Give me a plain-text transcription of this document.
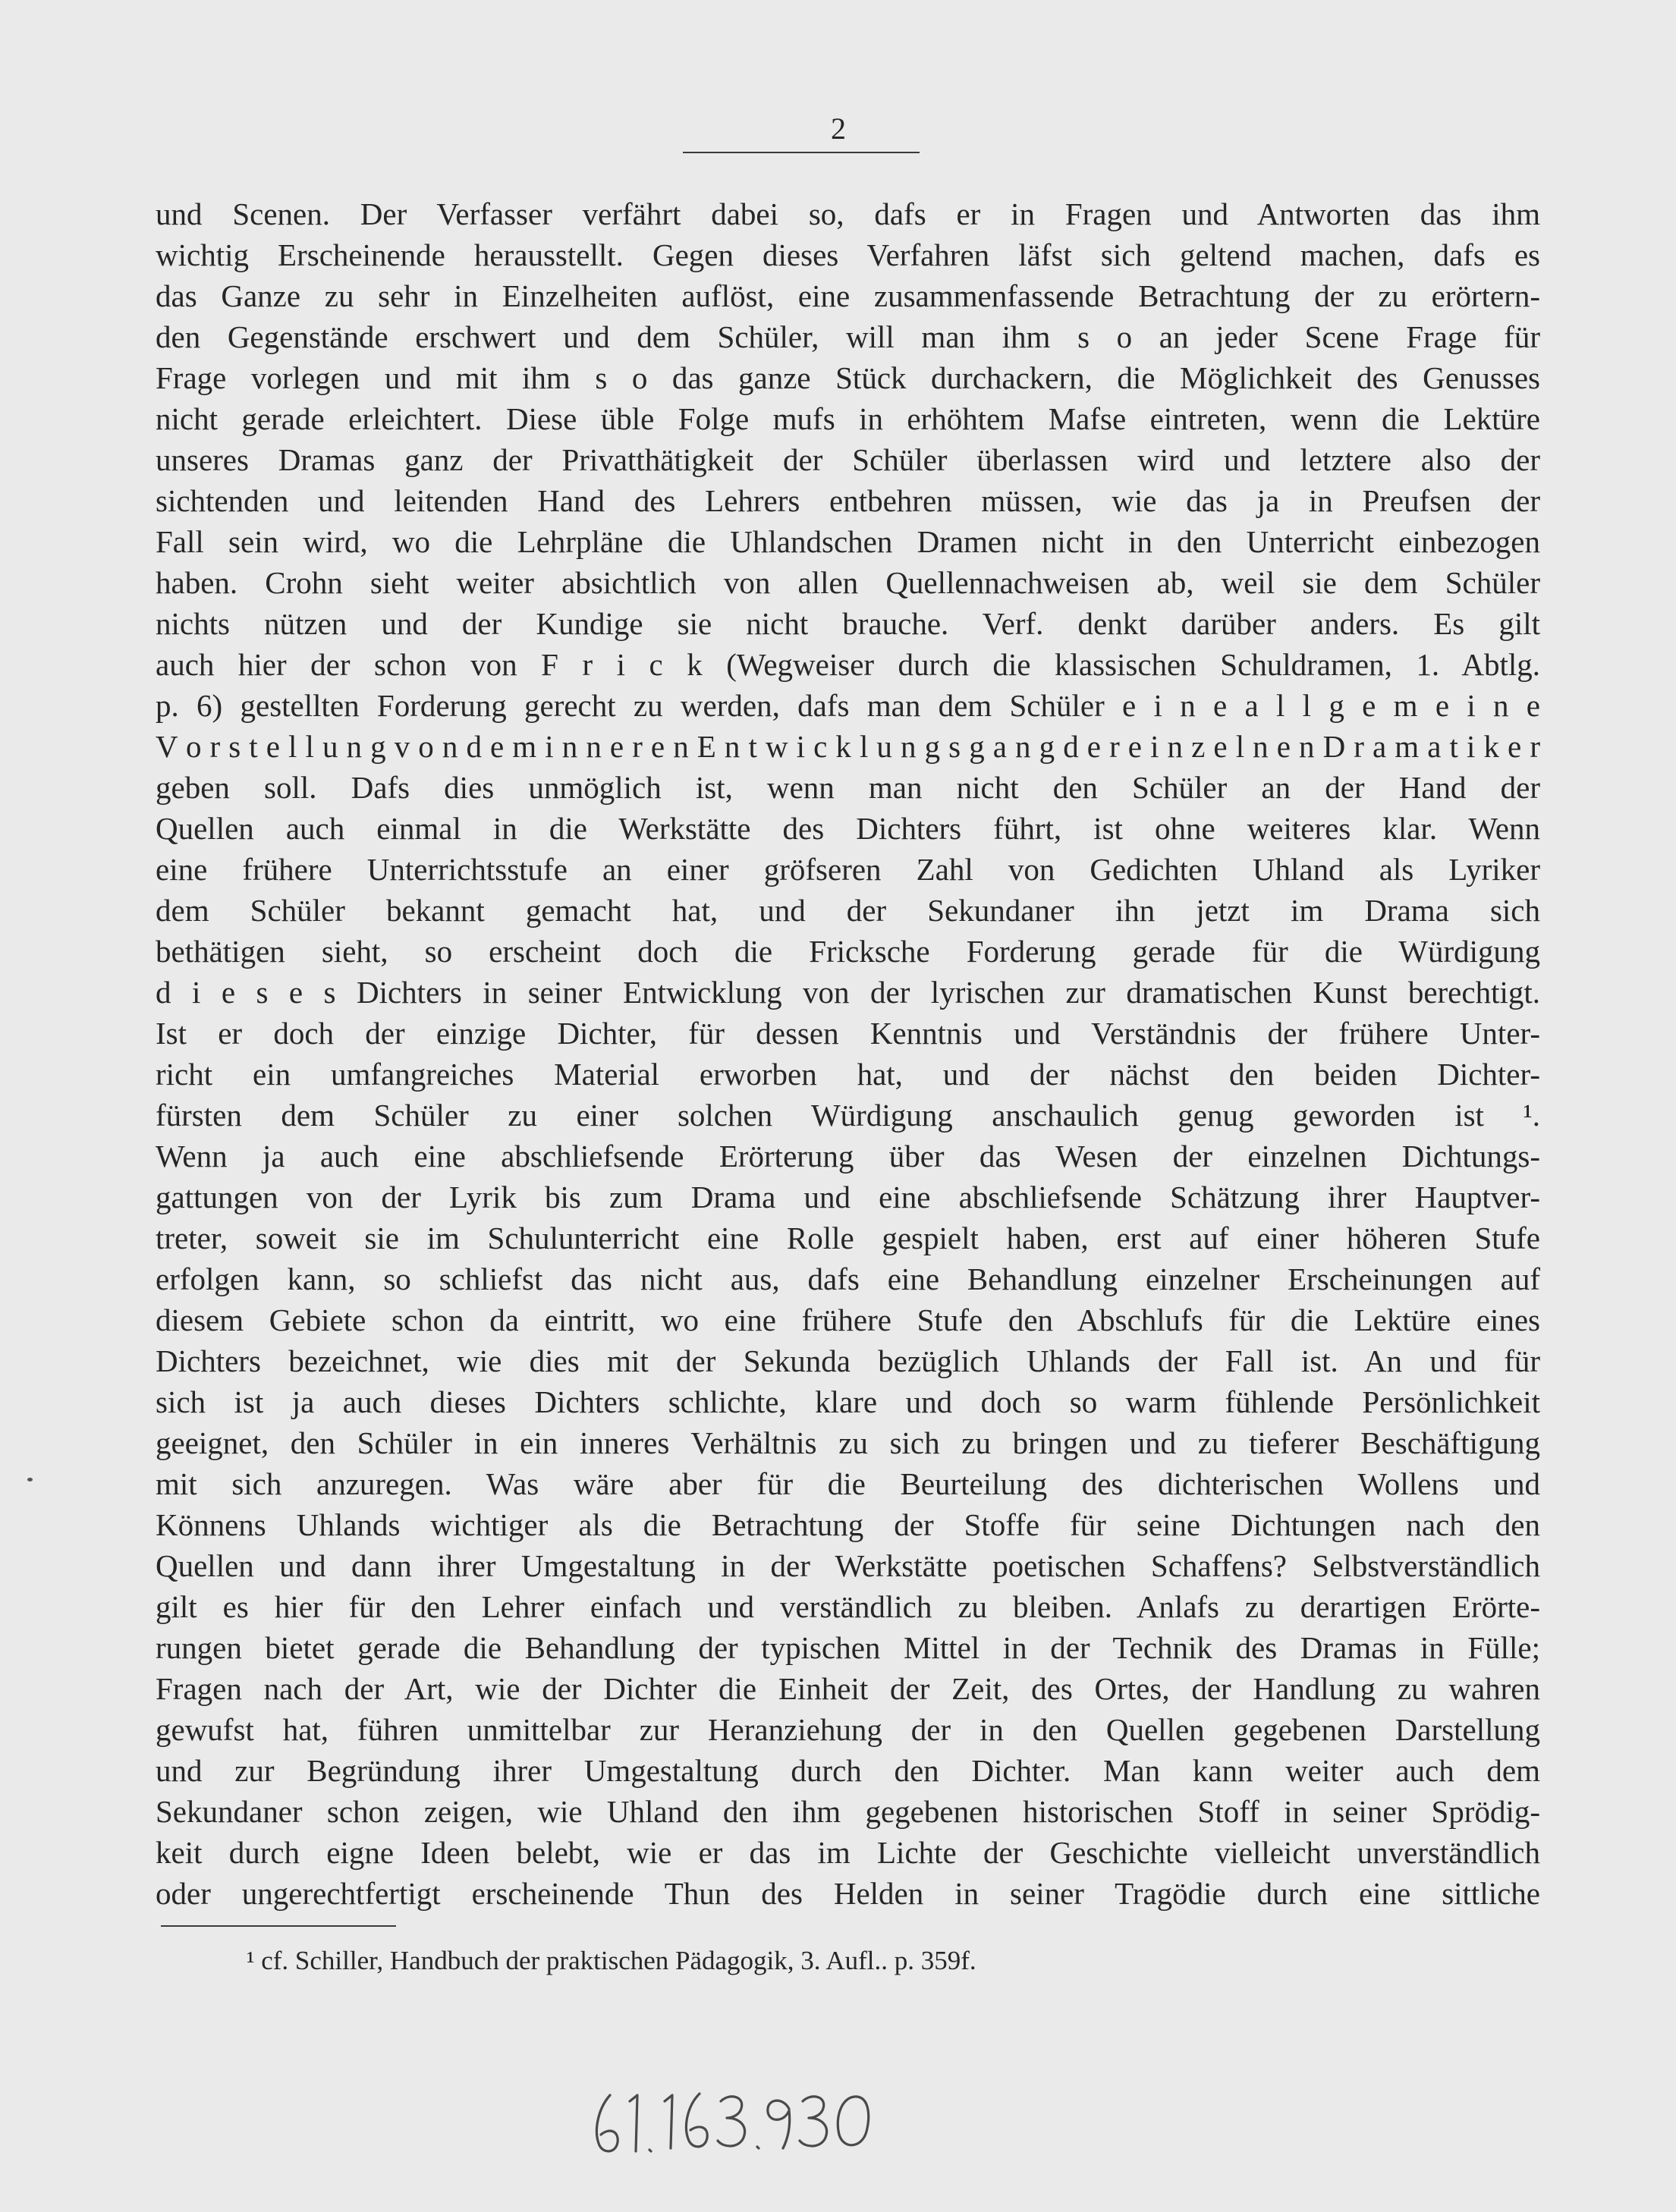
2
und Scenen. Der Verfasser verfährt dabei so, dafs er in Fragen und Antworten das ihm
wichtig Erscheinende herausstellt. Gegen dieses Verfahren läfst sich geltend machen, dafs es
das Ganze zu sehr in Einzelheiten auflöst, eine zusammenfassende Betrachtung der zu erörtern-
den Gegenstände erschwert und dem Schüler, will man ihm s o an jeder Scene Frage für
Frage vorlegen und mit ihm s o das ganze Stück durchackern, die Möglichkeit des Genusses
nicht gerade erleichtert. Diese üble Folge mufs in erhöhtem Mafse eintreten, wenn die Lektüre
unseres Dramas ganz der Privatthätigkeit der Schüler überlassen wird und letztere also der
sichtenden und leitenden Hand des Lehrers entbehren müssen, wie das ja in Preufsen der
Fall sein wird, wo die Lehrpläne die Uhlandschen Dramen nicht in den Unterricht einbezogen
haben. Crohn sieht weiter absichtlich von allen Quellennachweisen ab, weil sie dem Schüler
nichts nützen und der Kundige sie nicht brauche. Verf. denkt darüber anders. Es gilt
auch hier der schon von F r i c k (Wegweiser durch die klassischen Schuldramen, 1. Abtlg.
p. 6) gestellten Forderung gerecht zu werden, dafs man dem Schüler e i n e a l l g e m e i n e
V o r s t e l l u n g v o n d e m i n n e r e n E n t w i c k l u n g s g a n g d e r e i n z e l n e n D r a m a t i k e r
geben soll. Dafs dies unmöglich ist, wenn man nicht den Schüler an der Hand der
Quellen auch einmal in die Werkstätte des Dichters führt, ist ohne weiteres klar. Wenn
eine frühere Unterrichtsstufe an einer gröfseren Zahl von Gedichten Uhland als Lyriker
dem Schüler bekannt gemacht hat, und der Sekundaner ihn jetzt im Drama sich
bethätigen sieht, so erscheint doch die Fricksche Forderung gerade für die Würdigung
d i e s e s Dichters in seiner Entwicklung von der lyrischen zur dramatischen Kunst berechtigt.
Ist er doch der einzige Dichter, für dessen Kenntnis und Verständnis der frühere Unter-
richt ein umfangreiches Material erworben hat, und der nächst den beiden Dichter-
fürsten dem Schüler zu einer solchen Würdigung anschaulich genug geworden ist ¹.
Wenn ja auch eine abschliefsende Erörterung über das Wesen der einzelnen Dichtungs-
gattungen von der Lyrik bis zum Drama und eine abschliefsende Schätzung ihrer Hauptver-
treter, soweit sie im Schulunterricht eine Rolle gespielt haben, erst auf einer höheren Stufe
erfolgen kann, so schliefst das nicht aus, dafs eine Behandlung einzelner Erscheinungen auf
diesem Gebiete schon da eintritt, wo eine frühere Stufe den Abschlufs für die Lektüre eines
Dichters bezeichnet, wie dies mit der Sekunda bezüglich Uhlands der Fall ist. An und für
sich ist ja auch dieses Dichters schlichte, klare und doch so warm fühlende Persönlichkeit
geeignet, den Schüler in ein inneres Verhältnis zu sich zu bringen und zu tieferer Beschäftigung
mit sich anzuregen. Was wäre aber für die Beurteilung des dichterischen Wollens und
Könnens Uhlands wichtiger als die Betrachtung der Stoffe für seine Dichtungen nach den
Quellen und dann ihrer Umgestaltung in der Werkstätte poetischen Schaffens? Selbstverständlich
gilt es hier für den Lehrer einfach und verständlich zu bleiben. Anlafs zu derartigen Erörte-
rungen bietet gerade die Behandlung der typischen Mittel in der Technik des Dramas in Fülle;
Fragen nach der Art, wie der Dichter die Einheit der Zeit, des Ortes, der Handlung zu wahren
gewufst hat, führen unmittelbar zur Heranziehung der in den Quellen gegebenen Darstellung
und zur Begründung ihrer Umgestaltung durch den Dichter. Man kann weiter auch dem
Sekundaner schon zeigen, wie Uhland den ihm gegebenen historischen Stoff in seiner Sprödig-
keit durch eigne Ideen belebt, wie er das im Lichte der Geschichte vielleicht unverständlich
oder ungerechtfertigt erscheinende Thun des Helden in seiner Tragödie durch eine sittliche
¹ cf. Schiller, Handbuch der praktischen Pädagogik, 3. Aufl.. p. 359f.
